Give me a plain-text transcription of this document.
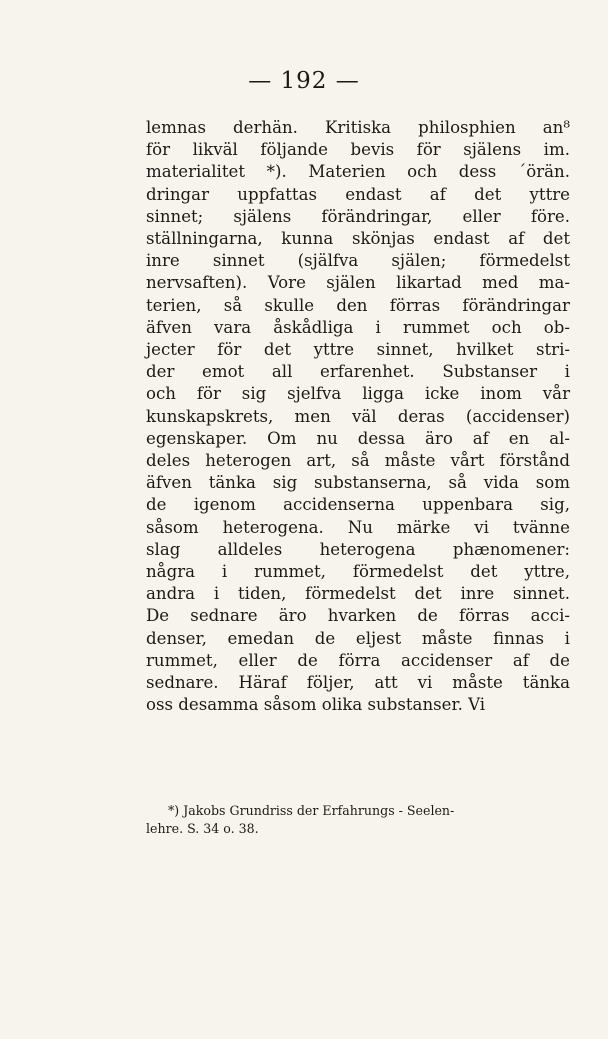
— 192 —
lemnas derhän. Kritiska philosphien an⁸
för likväl följande bevis för själens im.
materialitet *). Materien och dess ´örän.
dringar uppfattas endast af det yttre
sinnet; själens förändringar, eller före.
ställningarna, kunna skönjas endast af det
inre sinnet (själfva själen; förmedelst
nervsaften). Vore själen likartad med ma-
terien, så skulle den förras förändringar
äfven vara åskådliga i rummet och ob-
jecter för det yttre sinnet, hvilket stri-
der emot all erfarenhet. Substanser i
och för sig sjelfva ligga icke inom vår
kunskapskrets, men väl deras (accidenser)
egenskaper. Om nu dessa äro af en al-
deles heterogen art, så måste vårt förstånd
äfven tänka sig substanserna, så vida som
de igenom accidenserna uppenbara sig,
såsom heterogena. Nu märke vi tvänne
slag alldeles heterogena phænomener:
några i rummet, förmedelst det yttre,
andra i tiden, förmedelst det inre sinnet.
De sednare äro hvarken de förras acci-
denser, emedan de eljest måste finnas i
rummet, eller de förra accidenser af de
sednare. Häraf följer, att vi måste tänka
oss desamma såsom olika substanser. Vi
*) Jakobs Grundriss der Erfahrungs - Seelen-
lehre. S. 34 o. 38.
